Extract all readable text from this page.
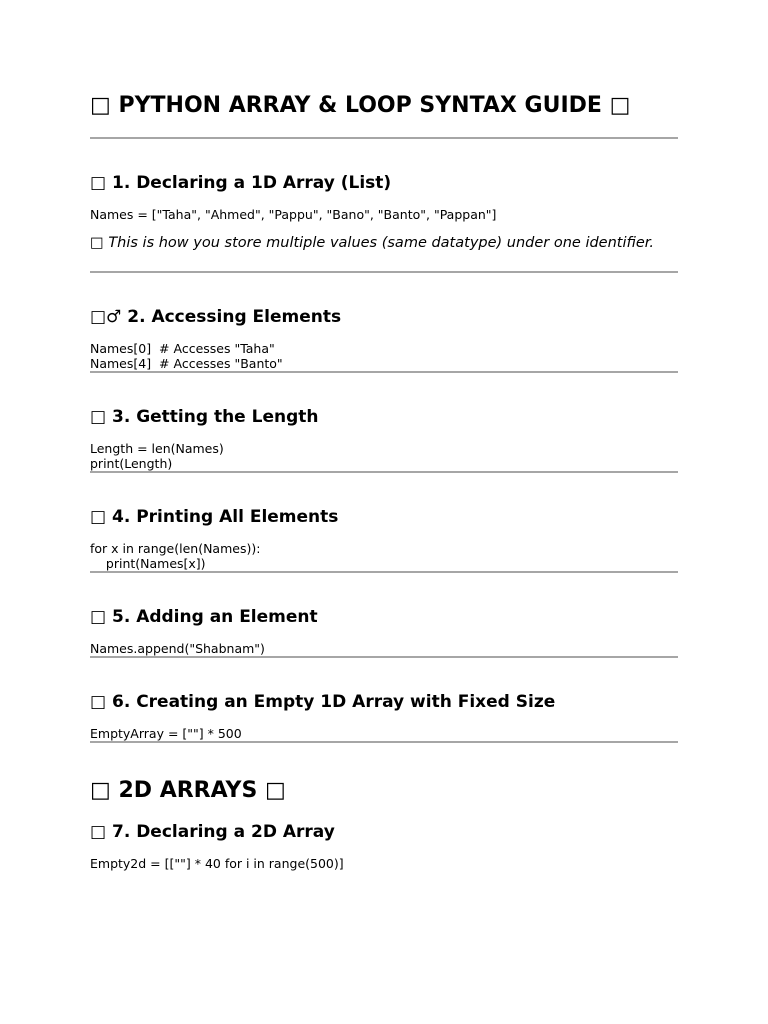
□ PYTHON ARRAY & LOOP SYNTAX GUIDE □
□ 1. Declaring a 1D Array (List)
Names = ["Taha", "Ahmed", "Pappu", "Bano", "Banto", "Pappan"]
□ This is how you store multiple values (same datatype) under one identifier.
□♂ 2. Accessing Elements
Names[0]  # Accesses "Taha"
Names[4]  # Accesses "Banto"
□ 3. Getting the Length
Length = len(Names)
print(Length)
□ 4. Printing All Elements
for x in range(len(Names)):
print(Names[x])
□ 5. Adding an Element
Names.append("Shabnam")
□ 6. Creating an Empty 1D Array with Fixed Size
EmptyArray = [""] * 500
□ 2D ARRAYS □
□ 7. Declaring a 2D Array
Empty2d = [[""] * 40 for i in range(500)]
